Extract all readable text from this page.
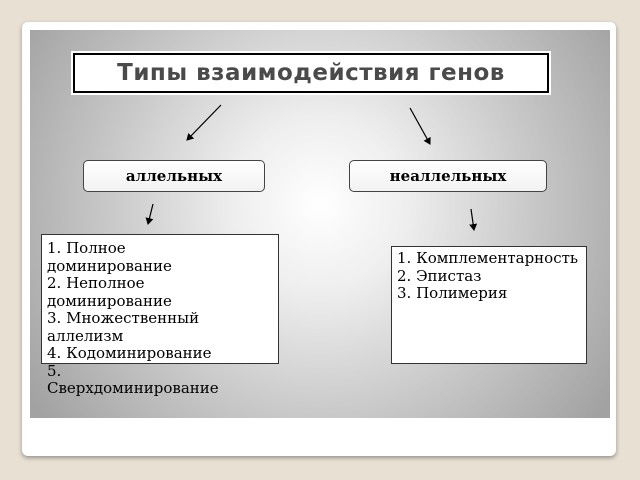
Типы взаимодействия генов
аллельных	неаллельных
1. Полное
доминирование
2. Неполное
доминирование
3. Множественный
аллелизм
4. Кодоминирование
5.
Сверхдоминирование
1. Комплементарность
2. Эпистаз
3. Полимерия
